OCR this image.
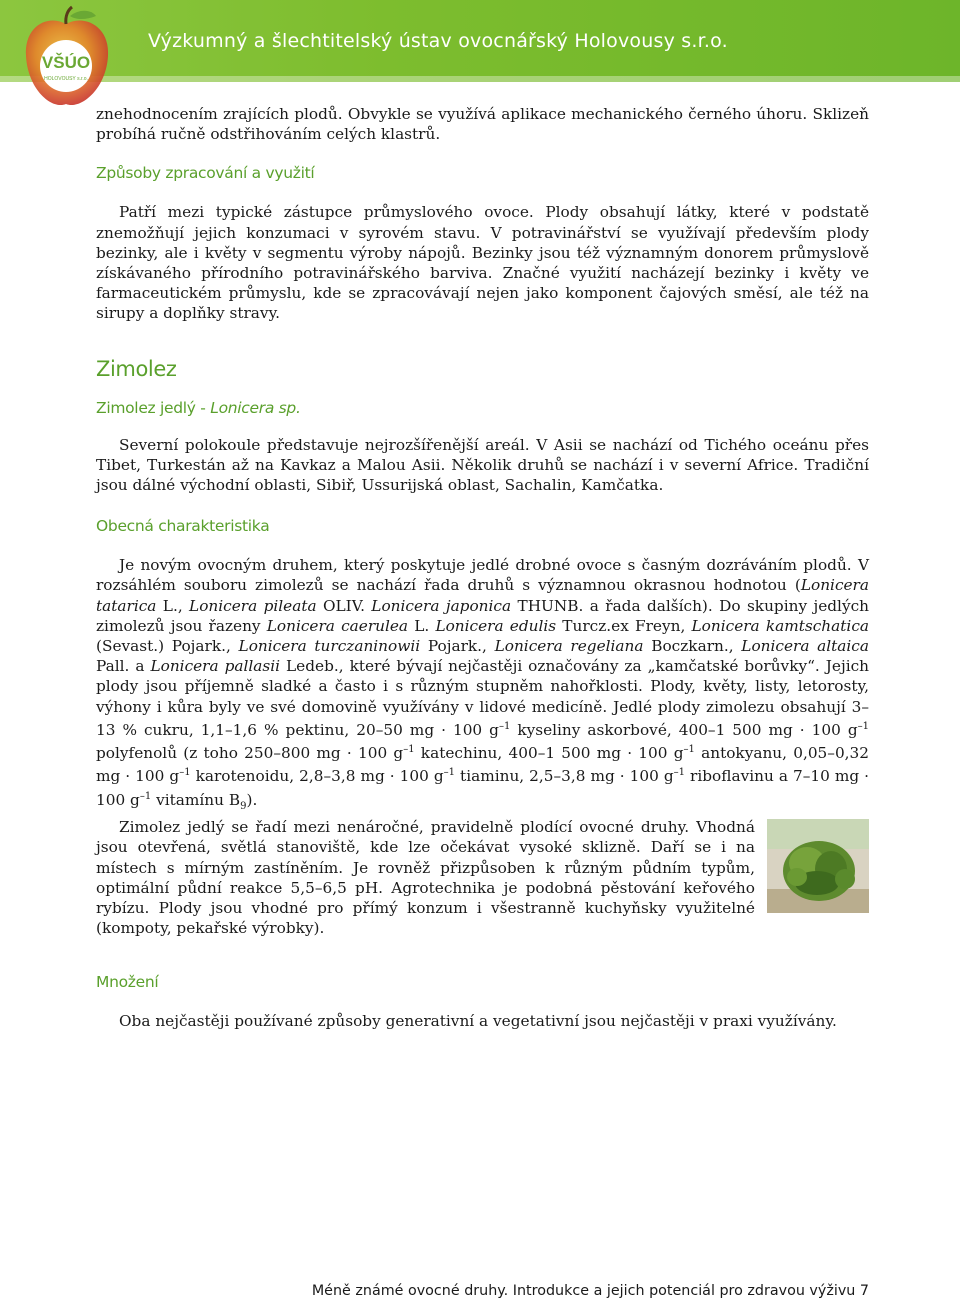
VŠÚO
HOLOVOUSY s.r.o.
Výzkumný a šlechtitelský ústav ovocnářský Holovousy s.r.o.

znehodnocením zrajících plodů. Obvykle se využívá aplikace mechanického černého úhoru. Sklizeň probíhá ručně odstřihováním celých klastrů.

Způsoby zpracování a využití

Patří mezi typické zástupce průmyslového ovoce. Plody obsahují látky, které v podstatě znemožňují jejich konzumaci v syrovém stavu. V potravinářství se využívají především plody bezinky, ale i květy v segmentu výroby nápojů. Bezinky jsou též významným donorem průmyslově získávaného přírodního potravinářského barviva. Značné využití nacházejí bezinky i květy ve farmaceutickém průmyslu, kde se zpracovávají nejen jako komponent čajových směsí, ale též na sirupy a doplňky stravy.

Zimolez
Zimolez jedlý - Lonicera sp.

Severní polokoule představuje nejrozšířenější areál. V Asii se nachází od Tichého oceánu přes Tibet, Turkestán až na Kavkaz a Malou Asii. Několik druhů se nachází i v severní Africe. Tradiční jsou dálné východní oblasti, Sibiř, Ussurijská oblast, Sachalin, Kamčatka.

Obecná charakteristika

Je novým ovocným druhem, který poskytuje jedlé drobné ovoce s časným dozráváním plodů. V rozsáhlém souboru zimolezů se nachází řada druhů s významnou okrasnou hodnotou (Lonicera tatarica L., Lonicera pileata OLIV. Lonicera japonica THUNB. a řada dalších). Do skupiny jedlých zimolezů jsou řazeny Lonicera caerulea L. Lonicera edulis Turcz.ex Freyn, Lonicera kamtschatica (Sevast.) Pojark., Lonicera turczaninowii Pojark., Lonicera regeliana Boczkarn., Lonicera altaica Pall. a Lonicera pallasii Ledeb., které bývají nejčastěji označovány za „kamčatské borůvky“. Jejich plody jsou příjemně sladké a často i s různým stupněm nahořklosti. Plody, květy, listy, letorosty, výhony i kůra byly ve své domovině využívány v lidové medicíně. Jedlé plody zimolezu obsahují 3–13 % cukru, 1,1–1,6 % pektinu, 20–50 mg · 100 $g^{-1}$ kyseliny askorbové, 400–1 500 mg · 100 $g^{-1}$ polyfenolů (z toho 250–800 mg · 100 $g^{-1}$ katechinu, 400–1 500 mg · 100 $g^{-1}$ antokyanu, 0,05–0,32 mg · 100 $g^{-1}$ karotenoidu, 2,8–3,8 mg · 100 $g^{-1}$ tiaminu, 2,5–3,8 mg · 100 $g^{-1}$ riboflavinu a 7–10 mg · 100 $g^{-1}$ vitamínu $B_9$).

Zimolez jedlý se řadí mezi nenáročné, pravidelně plodící ovocné druhy. Vhodná jsou otevřená, světlá stanoviště, kde lze očekávat vysoké sklizně. Daří se i na místech s mírným zastíněním. Je rovněž přizpůsoben k různým půdním typům, optimální půdní reakce 5,5–6,5 pH. Agrotechnika je podobná pěstování keřového rybízu. Plody jsou vhodné pro přímý konzum i všestranně kuchyňsky využitelné (kompoty, pekařské výrobky).

Množení

Oba nejčastěji používané způsoby generativní a vegetativní jsou nejčastěji v praxi využívány.

Méně známé ovocné druhy. Introdukce a jejich potenciál pro zdravou výživu 7
